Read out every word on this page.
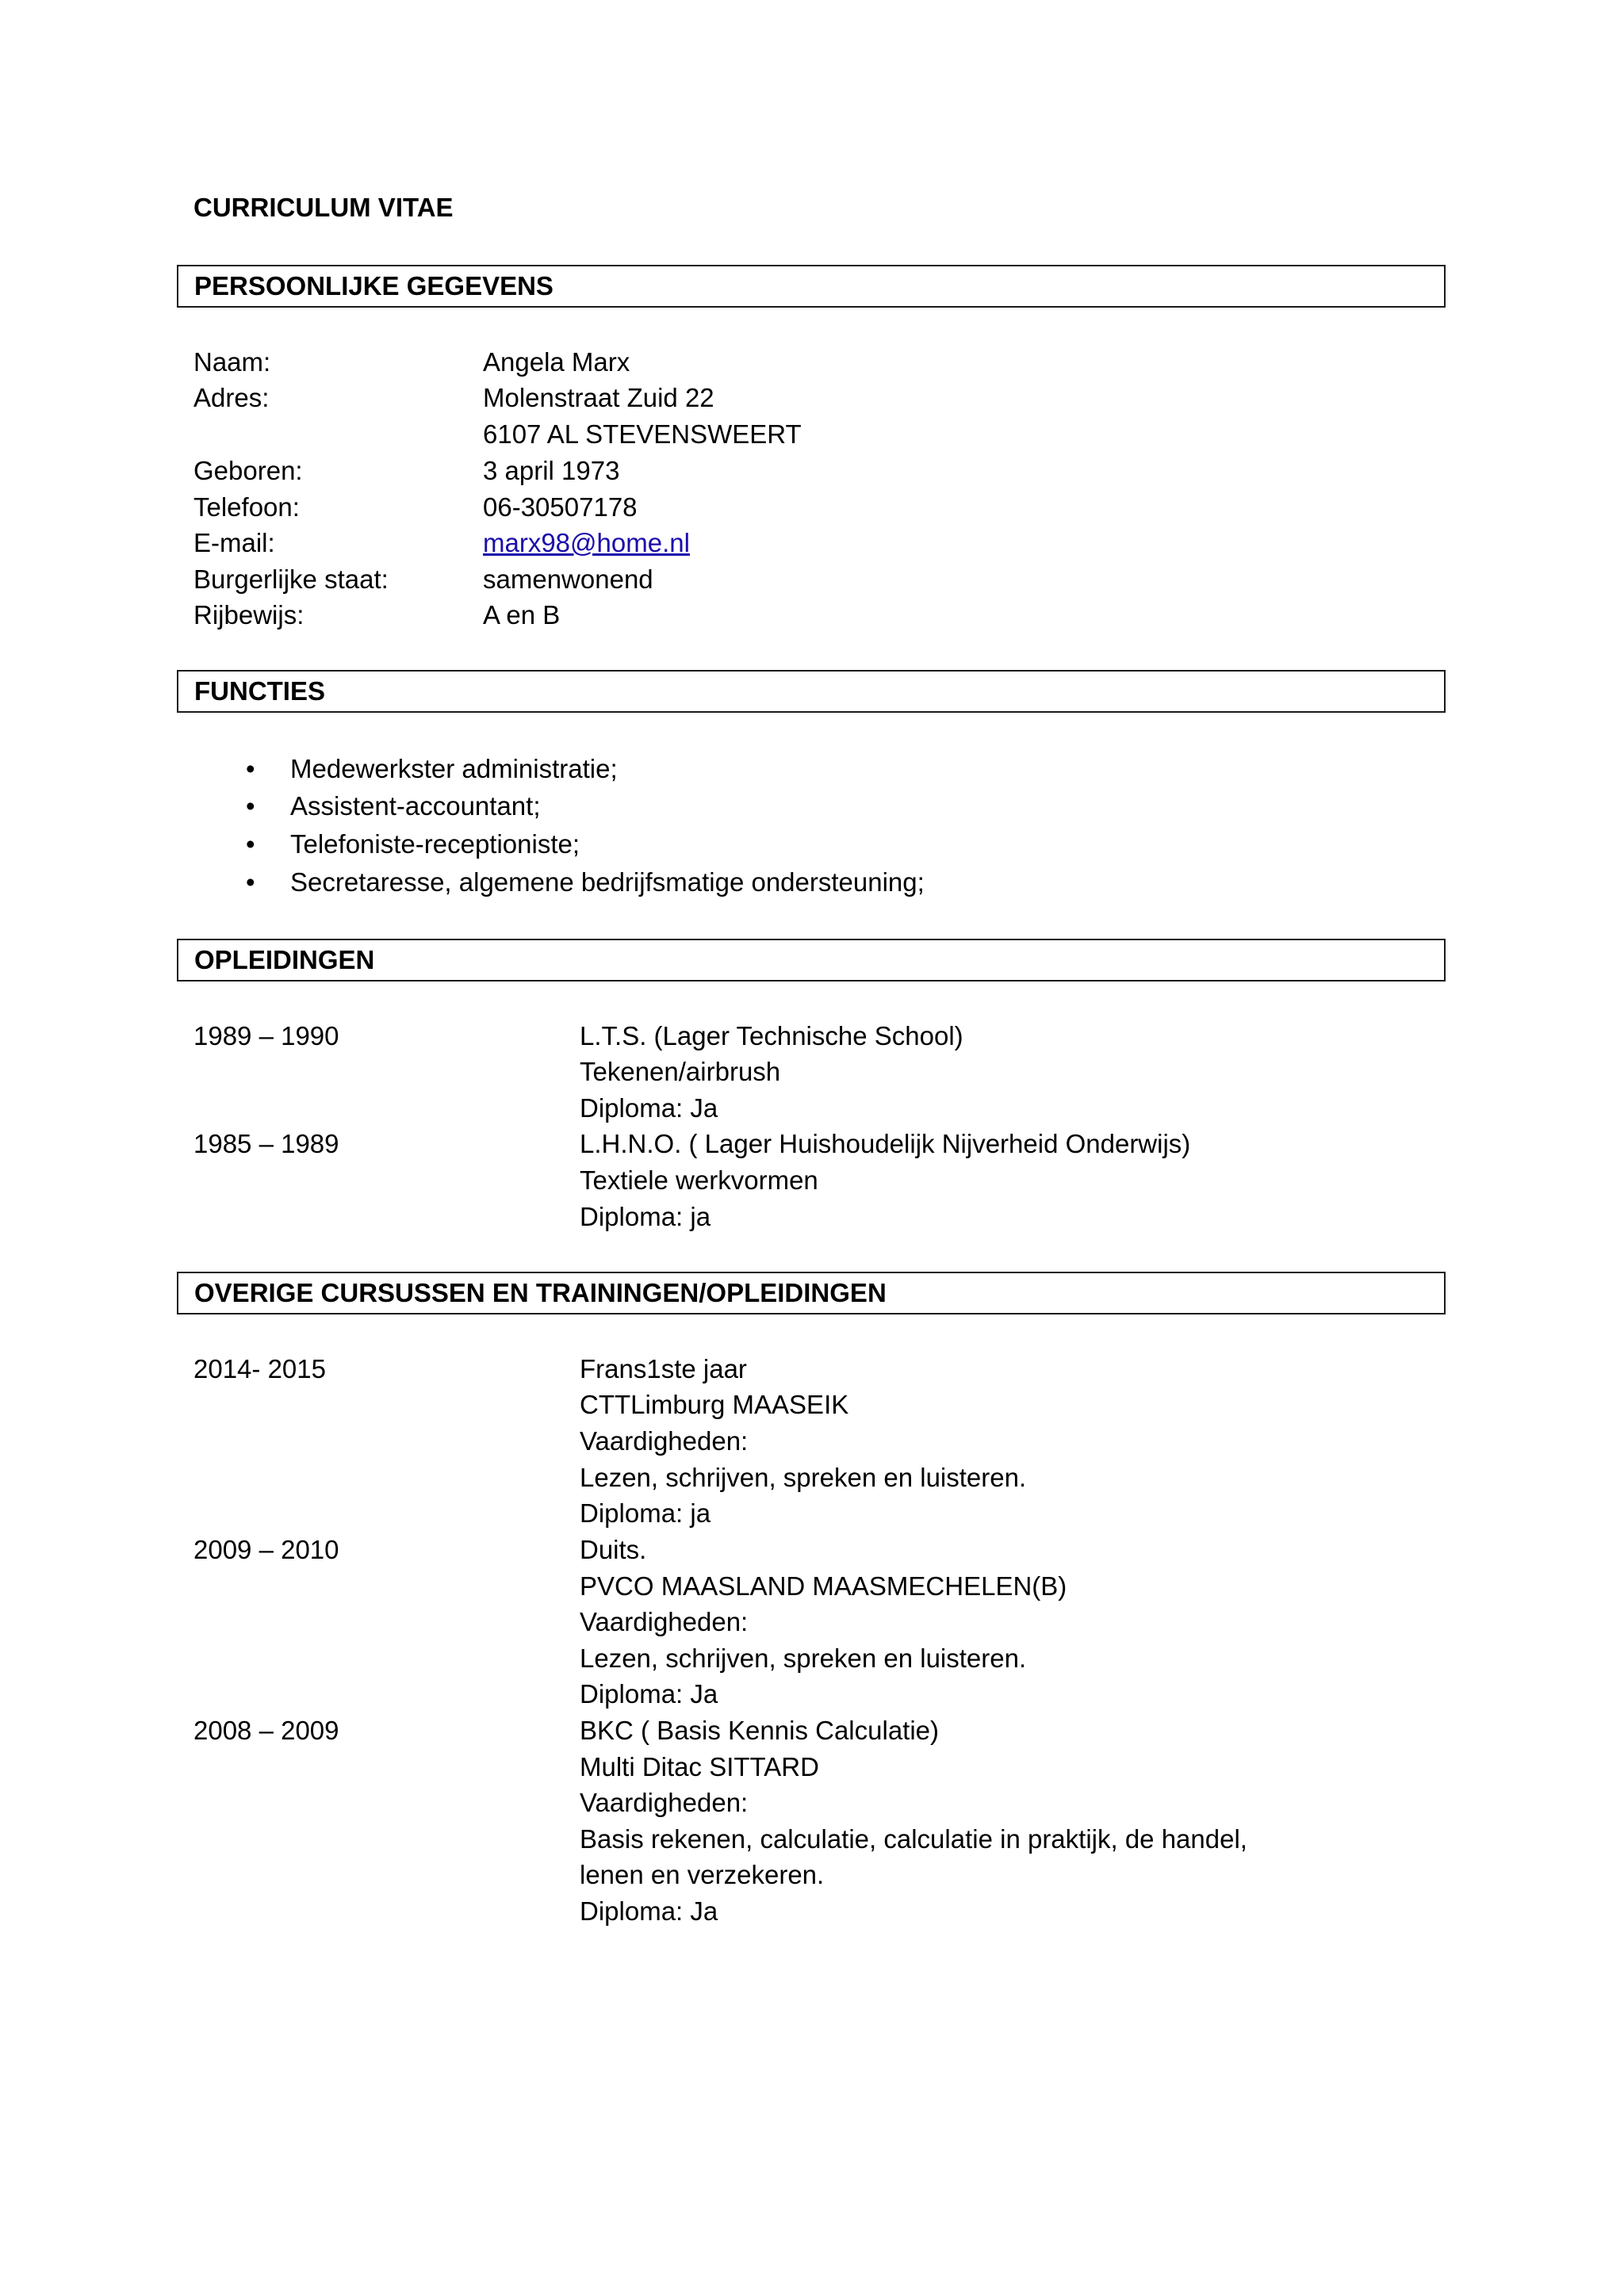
CURRICULUM VITAE
PERSOONLIJKE GEGEVENS
Naam:	Angela Marx
Adres:	Molenstraat Zuid 22
6107 AL STEVENSWEERT
Geboren:	3 april 1973
Telefoon:	06-30507178
E-mail:	marx98@home.nl
Burgerlijke staat:	samenwonend
Rijbewijs:	A en B
FUNCTIES
• Medewerkster administratie;
• Assistent-accountant;
• Telefoniste-receptioniste;
• Secretaresse, algemene bedrijfsmatige ondersteuning;
OPLEIDINGEN
1989 – 1990	L.T.S. (Lager Technische School)
Tekenen/airbrush
Diploma: Ja
1985 – 1989	L.H.N.O. ( Lager Huishoudelijk Nijverheid Onderwijs)
Textiele werkvormen
Diploma: ja
OVERIGE CURSUSSEN EN TRAININGEN/OPLEIDINGEN
2014- 2015	Frans1ste jaar
CTTLimburg MAASEIK
Vaardigheden:
Lezen, schrijven, spreken en luisteren.
Diploma: ja
2009 – 2010	Duits.
PVCO MAASLAND MAASMECHELEN(B)
Vaardigheden:
Lezen, schrijven, spreken en luisteren.
Diploma: Ja
2008 – 2009	BKC ( Basis Kennis Calculatie)
Multi Ditac SITTARD
Vaardigheden:
Basis rekenen, calculatie, calculatie in praktijk, de handel,
lenen en verzekeren.
Diploma: Ja
